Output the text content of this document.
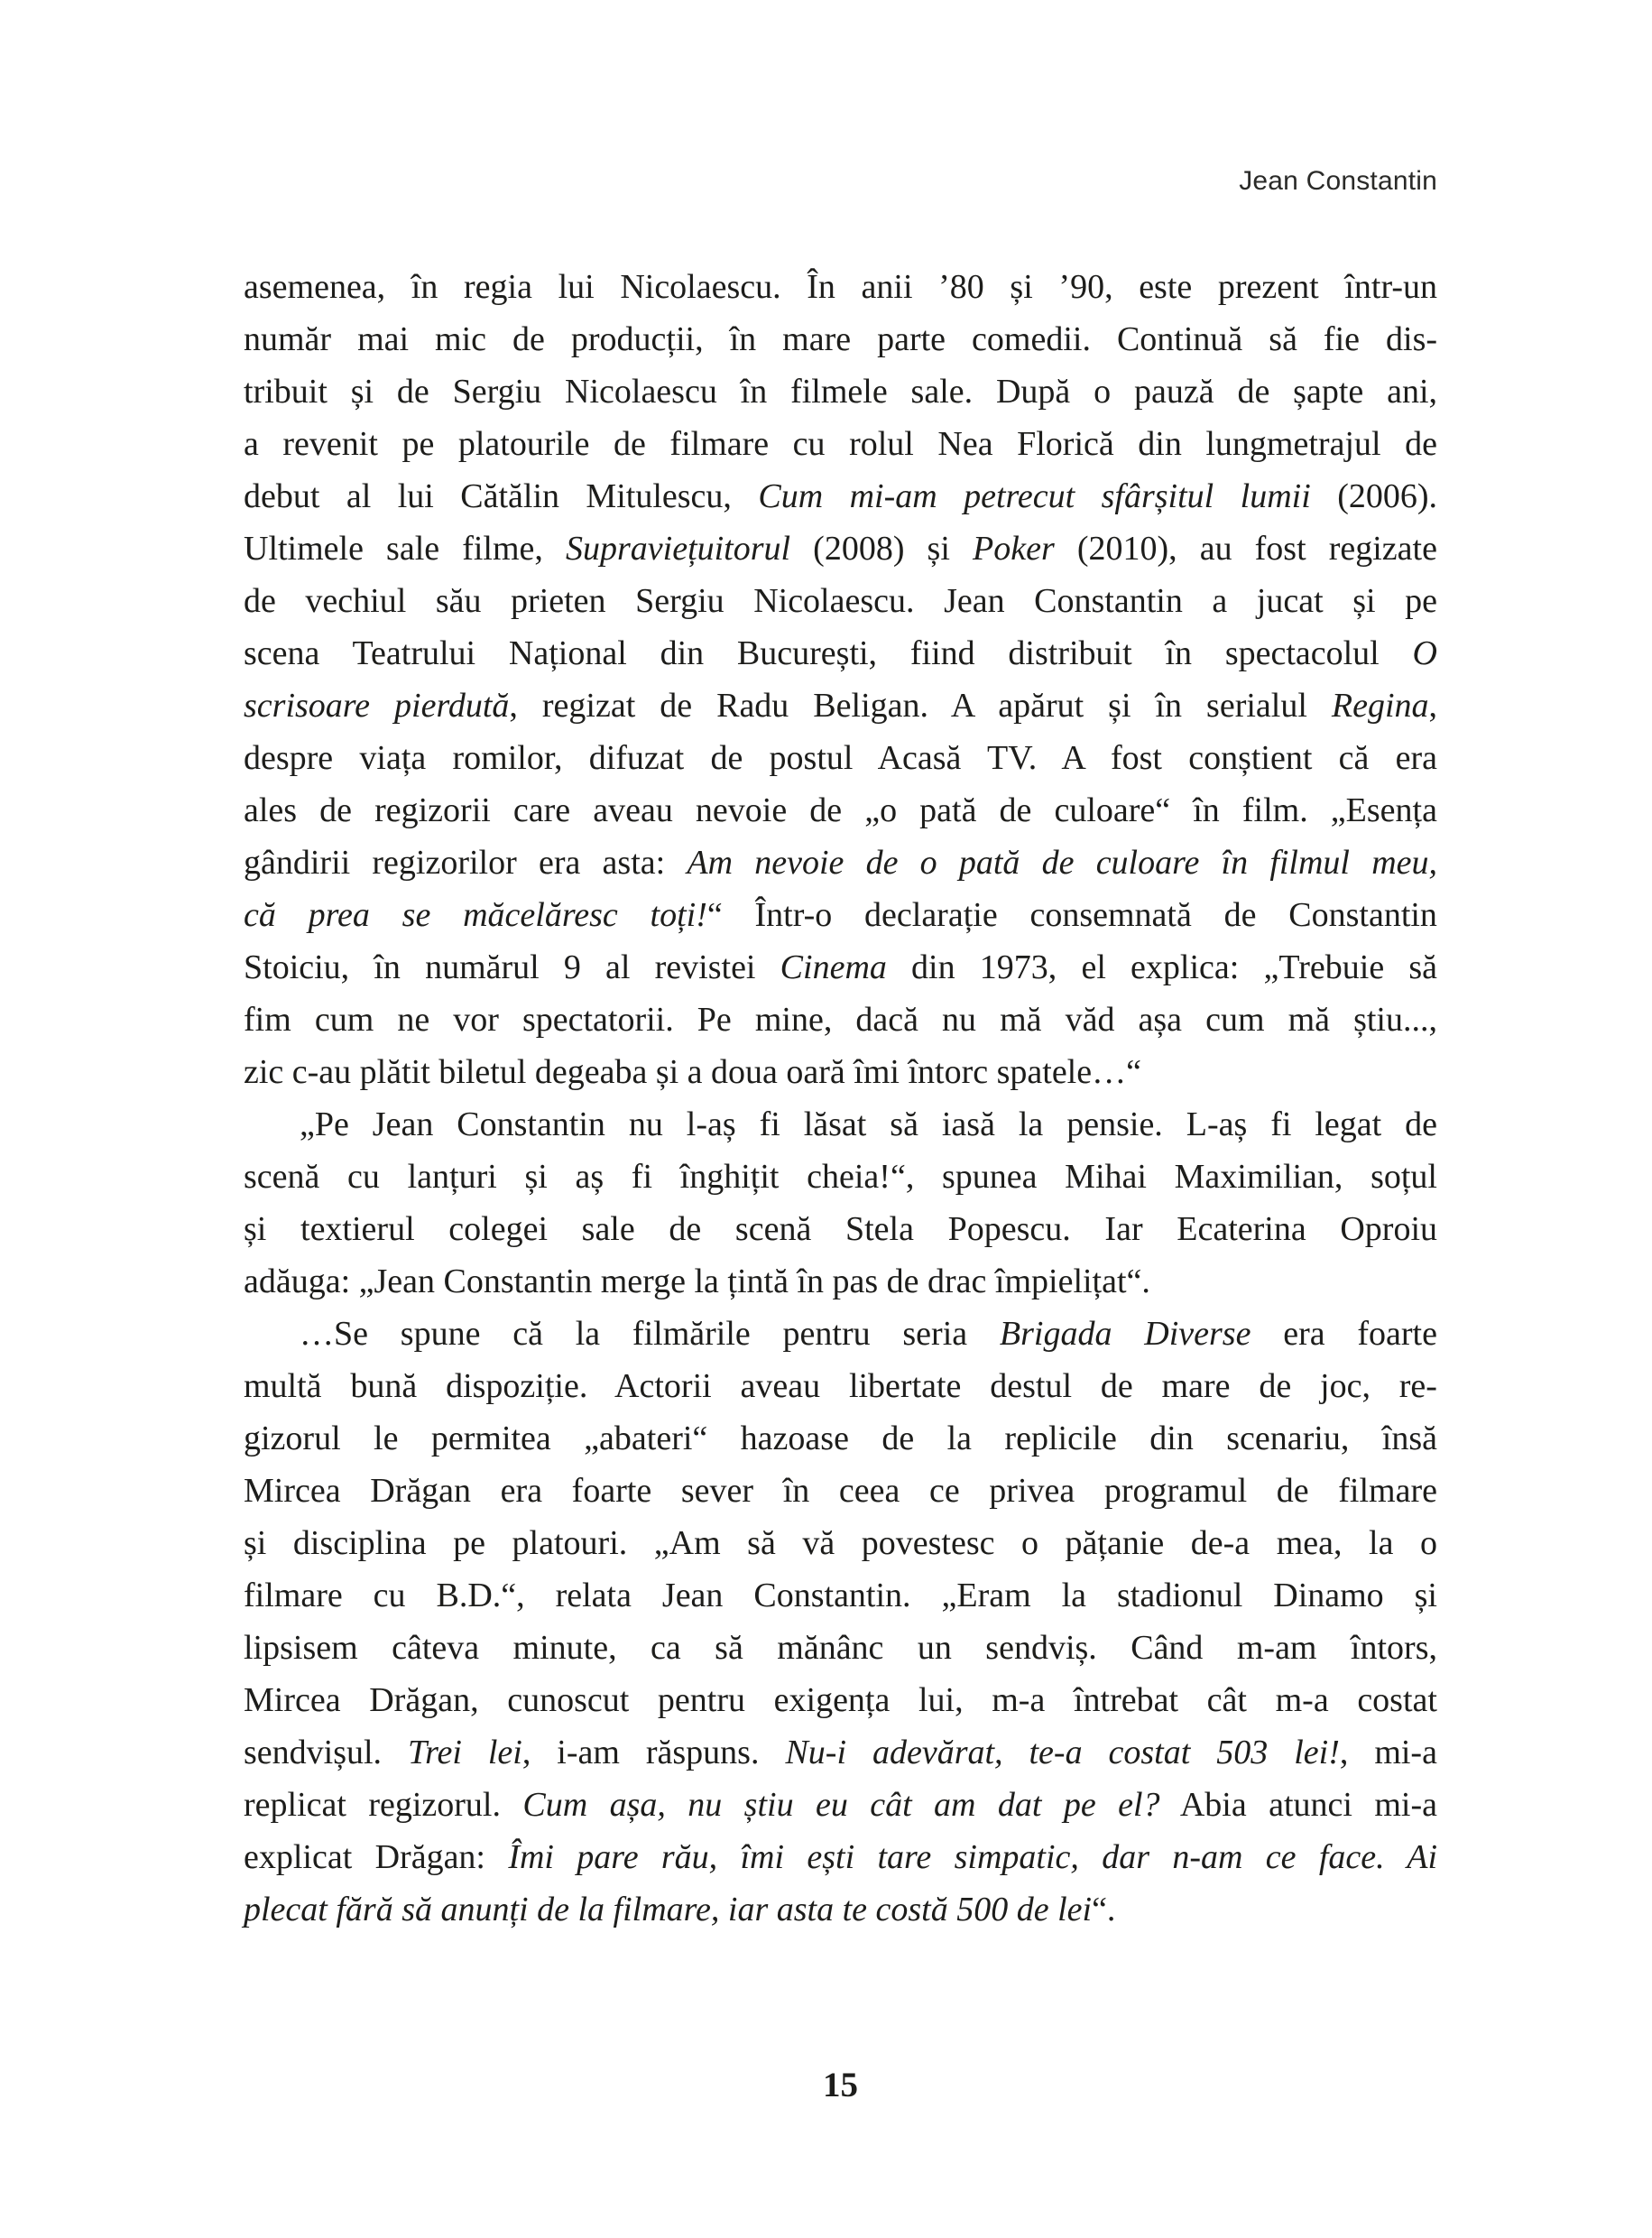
Jean Constantin
asemenea, în regia lui Nicolaescu. În anii ’80 și ’90, este prezent într-un
număr mai mic de producții, în mare parte comedii. Continuă să fie dis-
tribuit și de Sergiu Nicolaescu în filmele sale. După o pauză de șapte ani,
a revenit pe platourile de filmare cu rolul Nea Florică din lungmetrajul de
debut al lui Cătălin Mitulescu, Cum mi-am petrecut sfârșitul lumii (2006).
Ultimele sale filme, Supraviețuitorul (2008) și Poker (2010), au fost regizate
de vechiul său prieten Sergiu Nicolaescu. Jean Constantin a jucat și pe
scena Teatrului Național din București, fiind distribuit în spectacolul O
scrisoare pierdută, regizat de Radu Beligan. A apărut și în serialul Regina,
despre viața romilor, difuzat de postul Acasă TV. A fost conștient că era
ales de regizorii care aveau nevoie de „o pată de culoare“ în film. „Esența
gândirii regizorilor era asta: Am nevoie de o pată de culoare în filmul meu,
că prea se măcelăresc toți!“ Într-o declarație consemnată de Constantin
Stoiciu, în numărul 9 al revistei Cinema din 1973, el explica: „Trebuie să
fim cum ne vor spectatorii. Pe mine, dacă nu mă văd așa cum mă știu...,
zic c-au plătit biletul degeaba și a doua oară îmi întorc spatele…“
„Pe Jean Constantin nu l-aș fi lăsat să iasă la pensie. L-aș fi legat de
scenă cu lanțuri și aș fi înghițit cheia!“, spunea Mihai Maximilian, soțul
și textierul colegei sale de scenă Stela Popescu. Iar Ecaterina Oproiu
adăuga: „Jean Constantin merge la țintă în pas de drac împielițat“.
…Se spune că la filmările pentru seria Brigada Diverse era foarte
multă bună dispoziție. Actorii aveau libertate destul de mare de joc, re-
gizorul le permitea „abateri“ hazoase de la replicile din scenariu, însă
Mircea Drăgan era foarte sever în ceea ce privea programul de filmare
și disciplina pe platouri. „Am să vă povestesc o pățanie de-a mea, la o
filmare cu B.D.“, relata Jean Constantin. „Eram la stadionul Dinamo și
lipsisem câteva minute, ca să mănânc un sendviș. Când m-am întors,
Mircea Drăgan, cunoscut pentru exigența lui, m-a întrebat cât m-a costat
sendvișul. Trei lei, i-am răspuns. Nu-i adevărat, te-a costat 503 lei!, mi-a
replicat regizorul. Cum așa, nu știu eu cât am dat pe el? Abia atunci mi-a
explicat Drăgan: Îmi pare rău, îmi ești tare simpatic, dar n-am ce face. Ai
plecat fără să anunți de la filmare, iar asta te costă 500 de lei“.
15
